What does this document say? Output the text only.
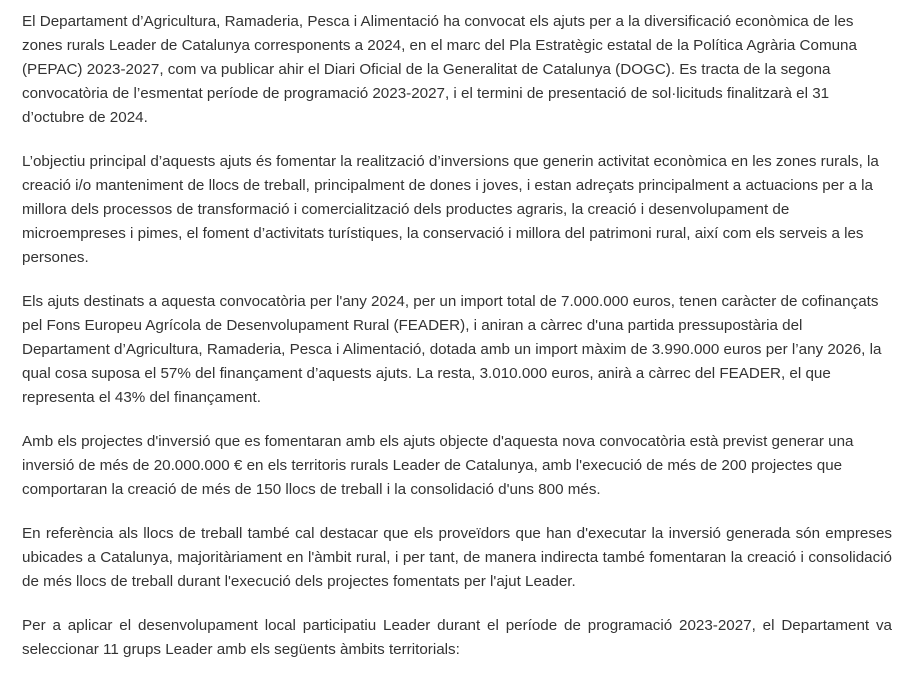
El Departament d’Agricultura, Ramaderia, Pesca i Alimentació ha convocat els ajuts per a la diversificació econòmica de les zones rurals Leader de Catalunya corresponents a 2024, en el marc del Pla Estratègic estatal de la Política Agrària Comuna (PEPAC) 2023-2027, com va publicar ahir el Diari Oficial de la Generalitat de Catalunya (DOGC). Es tracta de la segona convocatòria de l’esmentat període de programació 2023-2027, i el termini de presentació de sol·licituds finalitzarà el 31 d’octubre de 2024.

L’objectiu principal d’aquests ajuts és fomentar la realització d’inversions que generin activitat econòmica en les zones rurals, la creació i/o manteniment de llocs de treball, principalment de dones i joves, i estan adreçats principalment a actuacions per a la millora dels processos de transformació i comercialització dels productes agraris, la creació i desenvolupament de microempreses i pimes, el foment d’activitats turístiques, la conservació i millora del patrimoni rural, així com els serveis a les persones.

Els ajuts destinats a aquesta convocatòria per l'any 2024, per un import total de 7.000.000 euros, tenen caràcter de cofinançats pel Fons Europeu Agrícola de Desenvolupament Rural (FEADER), i aniran a càrrec d'una partida pressupostària del Departament d’Agricultura, Ramaderia, Pesca i Alimentació, dotada amb un import màxim de 3.990.000 euros per l’any 2026, la qual cosa suposa el 57% del finançament d’aquests ajuts. La resta, 3.010.000 euros, anirà a càrrec del FEADER, el que representa el 43% del finançament.

Amb els projectes d'inversió que es fomentaran amb els ajuts objecte d'aquesta nova convocatòria està previst generar una inversió de més de 20.000.000 € en els territoris rurals Leader de Catalunya, amb l'execució de més de 200 projectes que comportaran la creació de més de 150 llocs de treball i la consolidació d'uns 800 més.

En referència als llocs de treball també cal destacar que els proveïdors que han d'executar la inversió generada són empreses ubicades a Catalunya, majoritàriament en l'àmbit rural, i per tant, de manera indirecta també fomentaran la creació i consolidació de més llocs de treball durant l'execució dels projectes fomentats per l'ajut Leader.

Per a aplicar el desenvolupament local participatiu Leader durant el període de programació 2023-2027, el Departament va seleccionar 11 grups Leader amb els següents àmbits territorials:
